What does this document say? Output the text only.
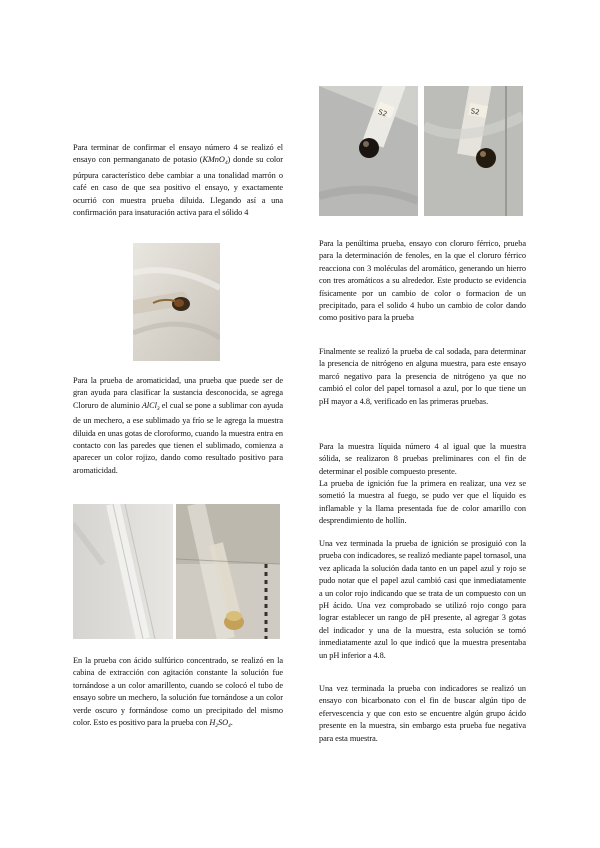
Para terminar de confirmar el ensayo número 4 se realizó el ensayo con permanganato de potasio (KMnO$_4$) donde su color púrpura característico debe cambiar a una tonalidad marrón o café en caso de que sea positivo el ensayo, y exactamente ocurrió con muestra prueba diluida. Llegando así a una confirmación para insaturación activa para el sólido 4

Para la prueba de aromaticidad, una prueba que puede ser de gran ayuda para clasificar la sustancia desconocida, se agrega Cloruro de aluminio AlCl$_3$ el cual se pone a sublimar con ayuda de un mechero, a ese sublimado ya frío se le agrega la muestra diluida en unas gotas de cloroformo, cuando la muestra entra en contacto con las paredes que tienen el sublimado, comienza a aparecer un color rojizo, dando como resultado positivo para aromaticidad.

En la prueba con ácido sulfúrico concentrado, se realizó en la cabina de extracción con agitación constante la solución fue tornándose a un color amarillento, cuando se colocó el tubo de ensayo sobre un mechero, la solución fue tornándose a un color verde oscuro y formándose como un precipitado del mismo color. Esto es positivo para la prueba con $H_2SO_4$.

S2	S2

Para la penúltima prueba, ensayo con cloruro férrico, prueba para la determinación de fenoles, en la que el cloruro férrico reacciona con 3 moléculas del aromático, generando un hierro con tres aromáticos a su alrededor. Este producto se evidencia físicamente por un cambio de color o formacion de un precipitado, para el solido 4 hubo un cambio de color dando como positivo para la prueba

Finalmente se realizó la prueba de cal sodada, para determinar la presencia de nitrógeno en alguna muestra, para este ensayo marcó negativo para la presencia de nitrógeno ya que no cambió el color del papel tornasol a azul, por lo que tiene un pH mayor a 4.8, verificado en las primeras pruebas.

Para la muestra líquida número 4 al igual que la muestra sólida, se realizaron 8 pruebas preliminares con el fin de determinar el posible compuesto presente.

La prueba de ignición fue la primera en realizar, una vez se sometió la muestra al fuego, se pudo ver que el líquido es inflamable y la llama presentada fue de color amarillo con desprendimiento de hollín.

Una vez terminada la prueba de ignición se prosiguió con la prueba con indicadores, se realizó mediante papel tornasol, una vez aplicada la solución dada tanto en un papel azul y rojo se pudo notar que el papel azul cambió casi que inmediatamente a un color rojo indicando que se trata de un compuesto con un pH ácido. Una vez comprobado se utilizó rojo congo para lograr establecer un rango de pH presente, al agregar 3 gotas del indicador y una de la muestra, esta solución se tornó inmediatamente azul lo que indicó que la muestra presentaba un pH inferior a 4.8.

Una vez terminada la prueba con indicadores se realizó un ensayo con bicarbonato con el fin de buscar algún tipo de efervescencia y que con esto se encuentre algún grupo ácido presente en la muestra, sin embargo esta prueba fue negativa para esta muestra.
